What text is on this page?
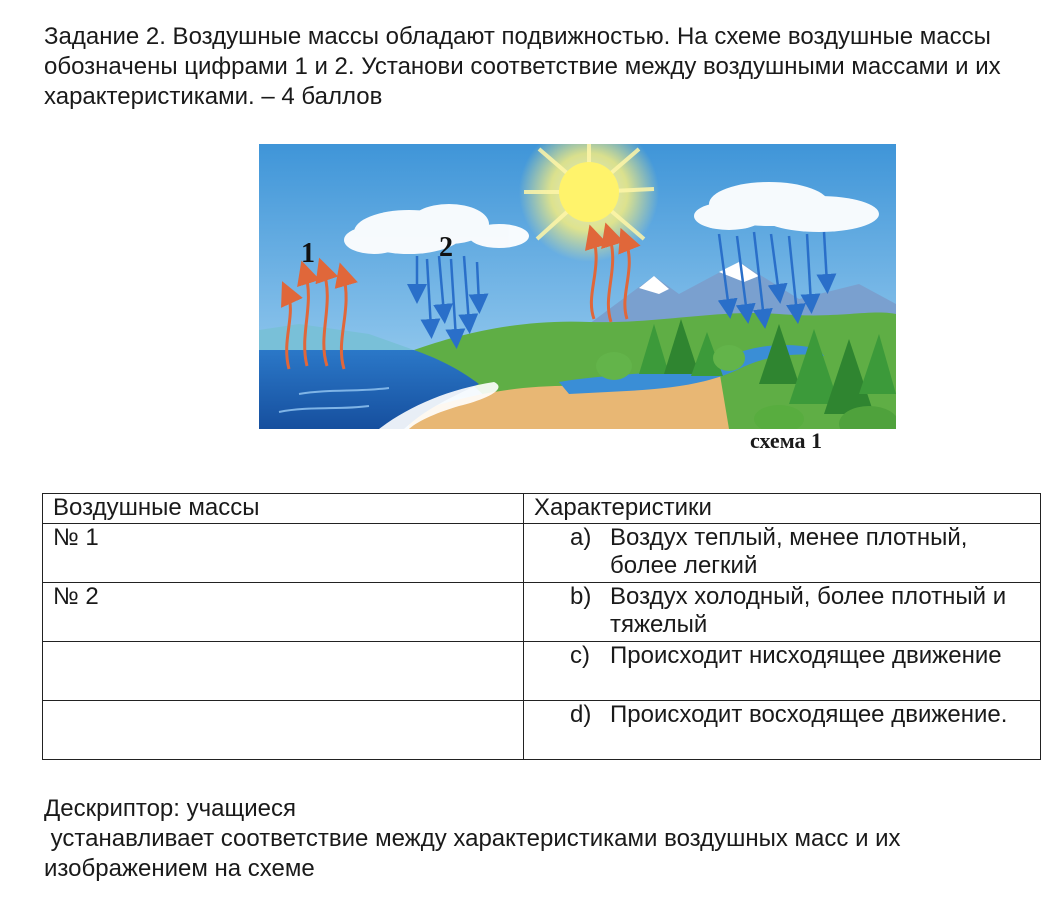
Задание 2. Воздушные массы обладают подвижностью. На схеме воздушные массы обозначены цифрами 1 и 2. Установи соответствие между воздушными массами и их характеристиками. – 4 баллов
1	2
схема 1
Воздушные массы	Характеристики
№ 1	a) Воздух теплый, менее плотный, более легкий

№ 2	b) Воздух холодный, более плотный и тяжелый

	c) Происходит нисходящее движение

	d) Происходит восходящее движение.
Дескриптор: учащиеся
устанавливает соответствие между характеристиками воздушных масс и их изображением на схеме
